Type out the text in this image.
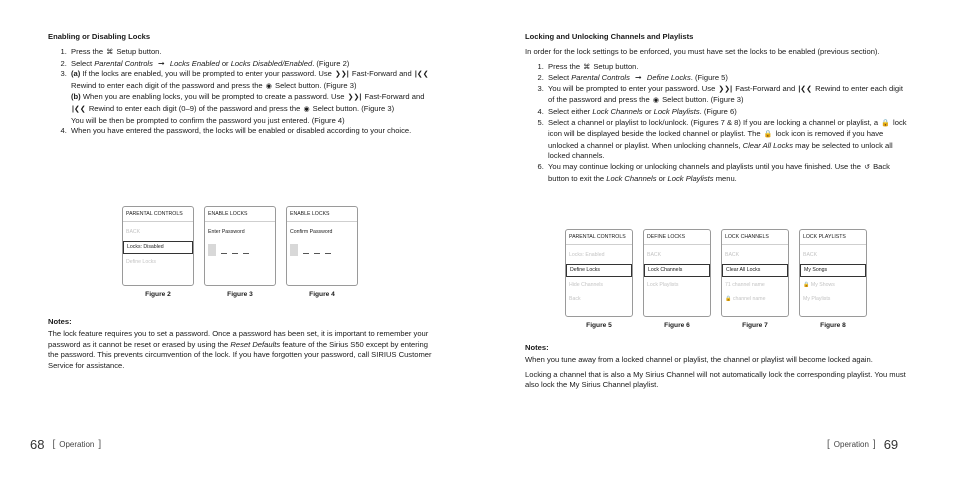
Enabling or Disabling Locks
1. Press the ⌘ Setup button.
2. Select Parental Controls ➞ Locks Enabled or Locks Disabled/Enabled. (Figure 2)
3. (a) If the locks are enabled, you will be prompted to enter your password. Use ❯❯| Fast-Forward and |❮❮ Rewind to enter each digit of the password and press the ◉ Select button. (Figure 3)
(b) When you are enabling locks, you will be prompted to create a password. Use ❯❯| Fast-Forward and |❮❮ Rewind to enter each digit (0–9) of the password and press the ◉ Select button. (Figure 3)
You will be then be prompted to confirm the password you just entered. (Figure 4)
4. When you have entered the password, the locks will be enabled or disabled according to your choice.
PARENTAL CONTROLS
BACK
Locks: Disabled
Define Locks
Figure 2
ENABLE LOCKS
Enter Password
Figure 3
ENABLE LOCKS
Confirm Password
Figure 4
Notes:

The lock feature requires you to set a password. Once a password has been set, it is important to remember your password as it cannot be reset or erased by using the Reset Defaults feature of the Sirius S50 except by entering the password. This prevents circumvention of the lock. If you have forgotten your password, call SIRIUS Customer Service for assistance.

68 [ Operation ]
Locking and Unlocking Channels and Playlists

In order for the lock settings to be enforced, you must have set the locks to be enabled (previous section).

1. Press the ⌘ Setup button.
2. Select Parental Controls ➞ Define Locks. (Figure 5)
3. You will be prompted to enter your password. Use ❯❯| Fast-Forward and |❮❮ Rewind to enter each digit of the password and press the ◉ Select button. (Figure 3)
4. Select either Lock Channels or Lock Playlists. (Figure 6)
5. Select a channel or playlist to lock/unlock. (Figures 7 & 8) If you are locking a channel or playlist, a 🔒 lock icon will be displayed beside the locked channel or playlist. The 🔒 lock icon is removed if you have unlocked a channel or playlist. When unlocking channels, Clear All Locks may be selected to unlock all locked channels.
6. You may continue locking or unlocking channels and playlists until you have finished. Use the ↺ Back button to exit the Lock Channels or Lock Playlists menu.
PARENTAL CONTROLS
Locks: Enabled
Define Locks
Hide Channels
Back
Figure 5
DEFINE LOCKS
BACK
Lock Channels
Lock Playlists
Figure 6
LOCK CHANNELS
BACK
Clear All Locks
71 channel name
🔒 channel name
Figure 7
LOCK PLAYLISTS
BACK
My Songs
🔒 My Shows
My Playlists
Figure 8
Notes:

When you tune away from a locked channel or playlist, the channel or playlist will become locked again.

Locking a channel that is also a My Sirius Channel will not automatically lock the corresponding playlist. You must also lock the My Sirius Channel playlist.

[ Operation ] 69
